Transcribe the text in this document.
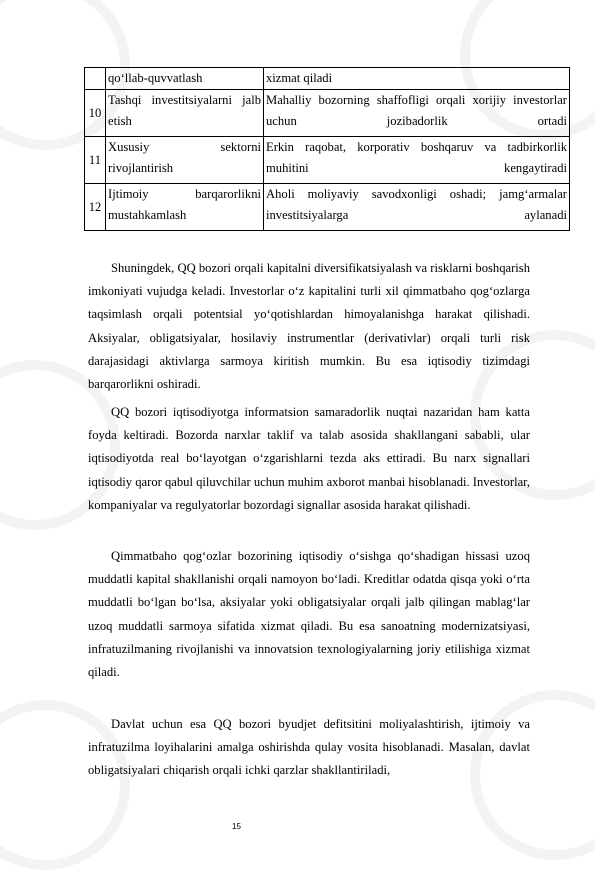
	qo‘llab-quvvatlash	xizmat qiladi
10	Tashqi investitsiyalarni jalb etish	Mahalliy bozorning shaffofligi orqali xorijiy investorlar uchun jozibadorlik ortadi
11	Xususiy sektorni rivojlantirish	Erkin raqobat, korporativ boshqaruv va tadbirkorlik muhitini kengaytiradi
12	Ijtimoiy barqarorlikni mustahkamlash	Aholi moliyaviy savodxonligi oshadi; jamg‘armalar investitsiyalarga aylanadi

Shuningdek, QQ bozori orqali kapitalni diversifikatsiyalash va risklarni boshqarish imkoniyati vujudga keladi. Investorlar o‘z kapitalini turli xil qimmatbaho qog‘ozlarga taqsimlash orqali potentsial yo‘qotishlardan himoyalanishga harakat qilishadi. Aksiyalar, obligatsiyalar, hosilaviy instrumentlar (derivativlar) orqali turli risk darajasidagi aktivlarga sarmoya kiritish mumkin. Bu esa iqtisodiy tizimdagi barqarorlikni oshiradi.

QQ bozori iqtisodiyotga informatsion samaradorlik nuqtai nazaridan ham katta foyda keltiradi. Bozorda narxlar taklif va talab asosida shakllangani sababli, ular iqtisodiyotda real bo‘layotgan o‘zgarishlarni tezda aks ettiradi. Bu narx signallari iqtisodiy qaror qabul qiluvchilar uchun muhim axborot manbai hisoblanadi. Investorlar, kompaniyalar va regulyatorlar bozordagi signallar asosida harakat qilishadi.

Qimmatbaho qog‘ozlar bozorining iqtisodiy o‘sishga qo‘shadigan hissasi uzoq muddatli kapital shakllanishi orqali namoyon bo‘ladi. Kreditlar odatda qisqa yoki o‘rta muddatli bo‘lgan bo‘lsa, aksiyalar yoki obligatsiyalar orqali jalb qilingan mablag‘lar uzoq muddatli sarmoya sifatida xizmat qiladi. Bu esa sanoatning modernizatsiyasi, infratuzilmaning rivojlanishi va innovatsion texnologiyalarning joriy etilishiga xizmat qiladi.

Davlat uchun esa QQ bozori byudjet defitsitini moliyalashtirish, ijtimoiy va infratuzilma loyihalarini amalga oshirishda qulay vosita hisoblanadi. Masalan, davlat obligatsiyalari chiqarish orqali ichki qarzlar shakllantiriladi,

15
